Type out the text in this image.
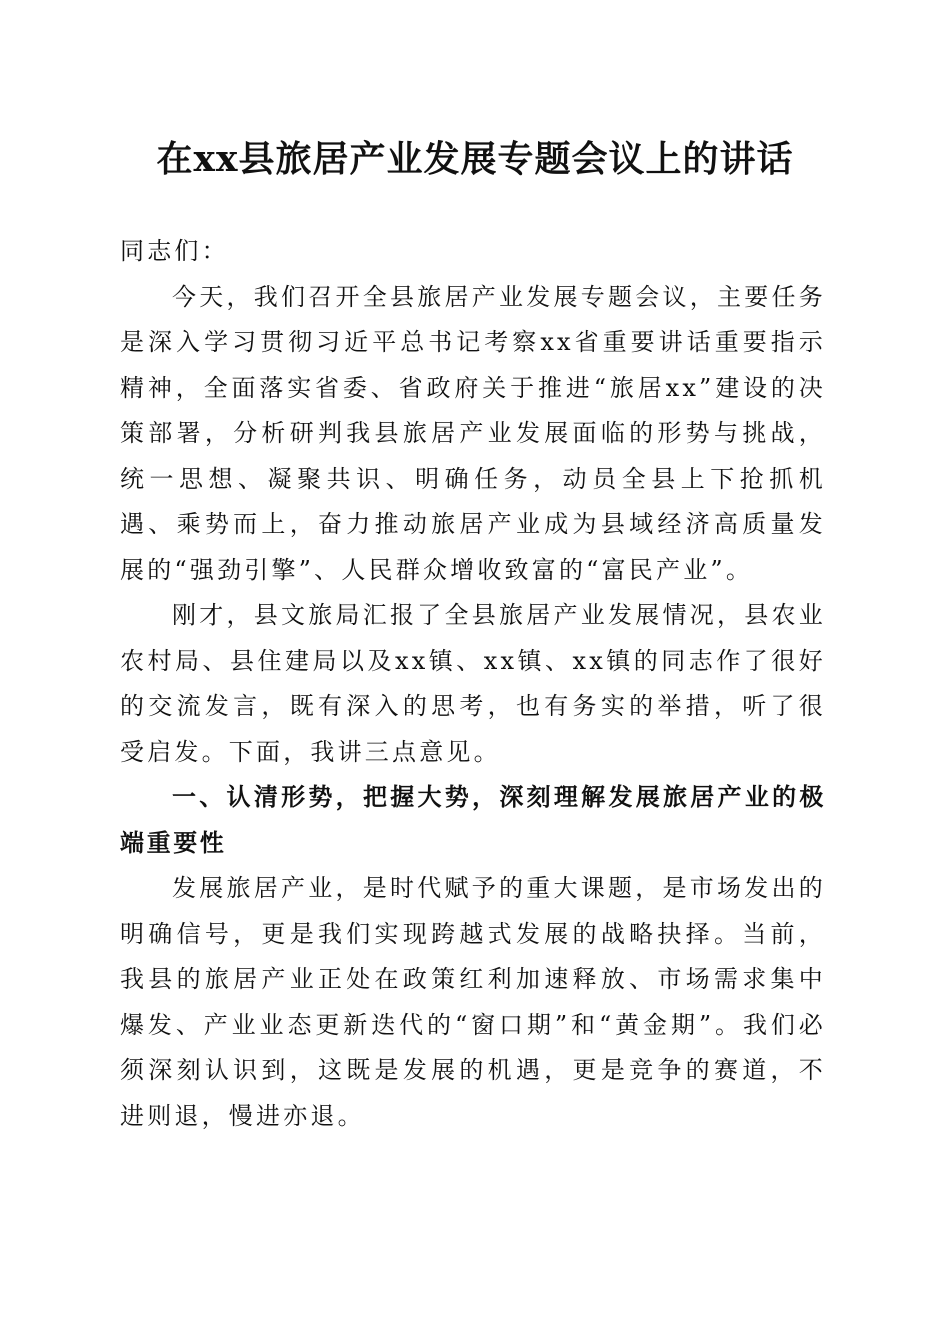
在xx县旅居产业发展专题会议上的讲话

同志们：

今天，我们召开全县旅居产业发展专题会议，主要任务是深入学习贯彻习近平总书记考察xx省重要讲话重要指示精神，全面落实省委、省政府关于推进“旅居xx”建设的决策部署，分析研判我县旅居产业发展面临的形势与挑战，统一思想、凝聚共识、明确任务，动员全县上下抢抓机遇、乘势而上，奋力推动旅居产业成为县域经济高质量发展的“强劲引擎”、人民群众增收致富的“富民产业”。

刚才，县文旅局汇报了全县旅居产业发展情况，县农业农村局、县住建局以及xx镇、xx镇、xx镇的同志作了很好的交流发言，既有深入的思考，也有务实的举措，听了很受启发。下面，我讲三点意见。

一、认清形势，把握大势，深刻理解发展旅居产业的极端重要性

发展旅居产业，是时代赋予的重大课题，是市场发出的明确信号，更是我们实现跨越式发展的战略抉择。当前，我县的旅居产业正处在政策红利加速释放、市场需求集中爆发、产业业态更新迭代的“窗口期”和“黄金期”。我们必须深刻认识到，这既是发展的机遇，更是竞争的赛道，不进则退，慢进亦退。
